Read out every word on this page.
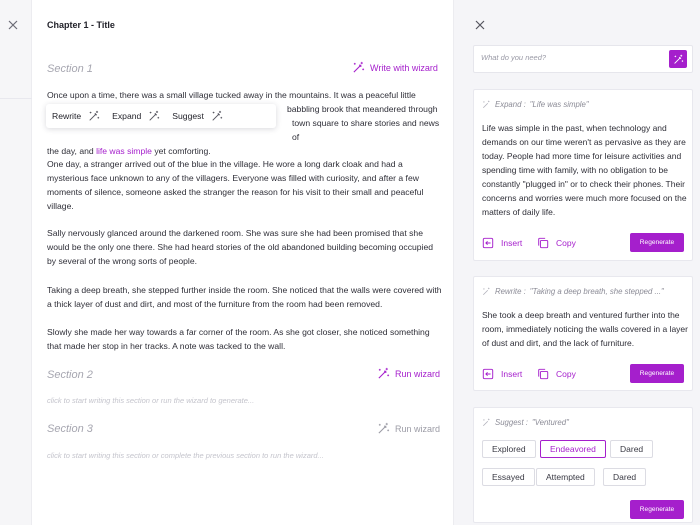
Chapter 1 - Title
Section 1	Write with wizard
Once upon a time, there was a small village tucked away in the mountains. It was a peaceful little
babbling brook that meandered through
town square to share stories and news of
the day, and life was simple yet comforting.
Rewrite	Expand	Suggest
One day, a stranger arrived out of the blue in the village. He wore a long dark cloak and had a mysterious face unknown to any of the villagers. Everyone was filled with curiosity, and after a few moments of silence, someone asked the stranger the reason for his visit to their small and peaceful village.
Sally nervously glanced around the darkened room. She was sure she had been promised that she would be the only one there. She had heard stories of the old abandoned building becoming occupied by several of the wrong sorts of people.
Taking a deep breath, she stepped further inside the room. She noticed that the walls were covered with a thick layer of dust and dirt, and most of the furniture from the room had been removed.
Slowly she made her way towards a far corner of the room. As she got closer, she noticed something that made her stop in her tracks. A note was tacked to the wall.
Section 2	Run wizard
click to start writing this section or run the wizard to generate...
Section 3	Run wizard
click to start writing this section or complete the previous section to run the wizard...
What do you need?
Expand : "Life was simple"
Life was simple in the past, when technology and demands on our time weren't as pervasive as they are today. People had more time for leisure activities and spending time with family, with no obligation to be constantly "plugged in" or to check their phones. Their concerns and worries were much more focused on the matters of daily life.
Insert	Copy	Regenerate
Rewrite : "Taking a deep breath, she stepped ..."
She took a deep breath and ventured further into the room, immediately noticing the walls covered in a layer of dust and dirt, and the lack of furniture.
Insert	Copy	Regenerate
Suggest : "Ventured"
Explored	Endeavored	Dared
Essayed	Attempted	Dared
Regenerate
